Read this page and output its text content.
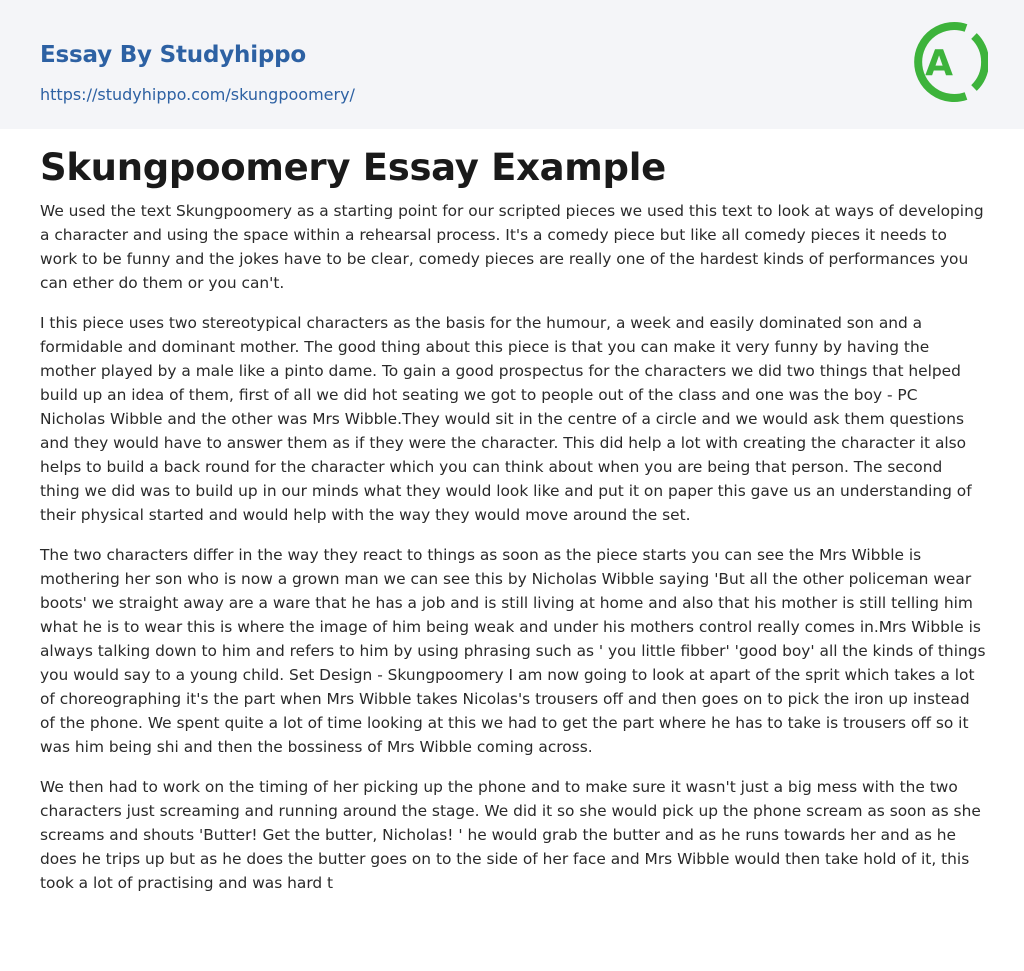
Essay By Studyhippo
https://studyhippo.com/skungpoomery/
A
Skungpoomery Essay Example

We used the text Skungpoomery as a starting point for our scripted pieces we used this text to look at ways of developing a character and using the space within a rehearsal process. It's a comedy piece but like all comedy pieces it needs to work to be funny and the jokes have to be clear, comedy pieces are really one of the hardest kinds of performances you can ether do them or you can't.

I this piece uses two stereotypical characters as the basis for the humour, a week and easily dominated son and a formidable and dominant mother. The good thing about this piece is that you can make it very funny by having the mother played by a male like a pinto dame. To gain a good prospectus for the characters we did two things that helped build up an idea of them, first of all we did hot seating we got to people out of the class and one was the boy - PC Nicholas Wibble and the other was Mrs Wibble.They would sit in the centre of a circle and we would ask them questions and they would have to answer them as if they were the character. This did help a lot with creating the character it also helps to build a back round for the character which you can think about when you are being that person. The second thing we did was to build up in our minds what they would look like and put it on paper this gave us an understanding of their physical started and would help with the way they would move around the set.

The two characters differ in the way they react to things as soon as the piece starts you can see the Mrs Wibble is mothering her son who is now a grown man we can see this by Nicholas Wibble saying 'But all the other policeman wear boots' we straight away are a ware that he has a job and is still living at home and also that his mother is still telling him what he is to wear this is where the image of him being weak and under his mothers control really comes in.Mrs Wibble is always talking down to him and refers to him by using phrasing such as ' you little fibber' 'good boy' all the kinds of things you would say to a young child. Set Design - Skungpoomery I am now going to look at apart of the sprit which takes a lot of choreographing it's the part when Mrs Wibble takes Nicolas's trousers off and then goes on to pick the iron up instead of the phone. We spent quite a lot of time looking at this we had to get the part where he has to take is trousers off so it was him being shi and then the bossiness of Mrs Wibble coming across.

We then had to work on the timing of her picking up the phone and to make sure it wasn't just a big mess with the two characters just screaming and running around the stage. We did it so she would pick up the phone scream as soon as she screams and shouts 'Butter! Get the butter, Nicholas! ' he would grab the butter and as he runs towards her and as he does he trips up but as he does the butter goes on to the side of her face and Mrs Wibble would then take hold of it, this took a lot of practising and was hard t
